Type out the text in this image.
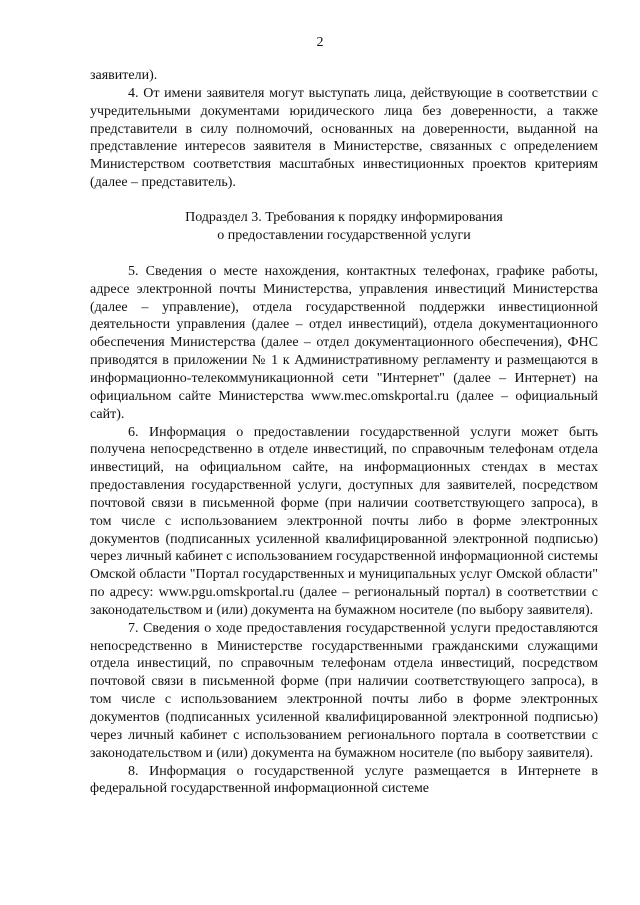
2

заявители).

4. От имени заявителя могут выступать лица, действующие в соответствии с учредительными документами юридического лица без доверенности, а также представители в силу полномочий, основанных на доверенности, выданной на представление интересов заявителя в Министерстве, связанных с определением Министерством соответствия масштабных инвестиционных проектов критериям (далее – представитель).

Подраздел 3. Требования к порядку информирования
о предоставлении государственной услуги

5. Сведения о месте нахождения, контактных телефонах, графике работы, адресе электронной почты Министерства, управления инвестиций Министерства (далее – управление), отдела государственной поддержки инвестиционной деятельности управления (далее – отдел инвестиций), отдела документационного обеспечения Министерства (далее – отдел документационного обеспечения), ФНС приводятся в приложении № 1 к Административному регламенту и размещаются в информационно-телекоммуникационной сети "Интернет" (далее – Интернет) на официальном сайте Министерства www.mec.omskportal.ru (далее – официальный сайт).

6. Информация о предоставлении государственной услуги может быть получена непосредственно в отделе инвестиций, по справочным телефонам отдела инвестиций, на официальном сайте, на информационных стендах в местах предоставления государственной услуги, доступных для заявителей, посредством почтовой связи в письменной форме (при наличии соответствующего запроса), в том числе с использованием электронной почты либо в форме электронных документов (подписанных усиленной квалифицированной электронной подписью) через личный кабинет с использованием государственной информационной системы Омской области "Портал государственных и муниципальных услуг Омской области" по адресу: www.pgu.omskportal.ru (далее – региональный портал) в соответствии с законодательством и (или) документа на бумажном носителе (по выбору заявителя).

7. Сведения о ходе предоставления государственной услуги предоставляются непосредственно в Министерстве государственными гражданскими служащими отдела инвестиций, по справочным телефонам отдела инвестиций, посредством почтовой связи в письменной форме (при наличии соответствующего запроса), в том числе с использованием электронной почты либо в форме электронных документов (подписанных усиленной квалифицированной электронной подписью) через личный кабинет с использованием регионального портала в соответствии с законодательством и (или) документа на бумажном носителе (по выбору заявителя).

8. Информация о государственной услуге размещается в Интернете в федеральной государственной информационной системе
